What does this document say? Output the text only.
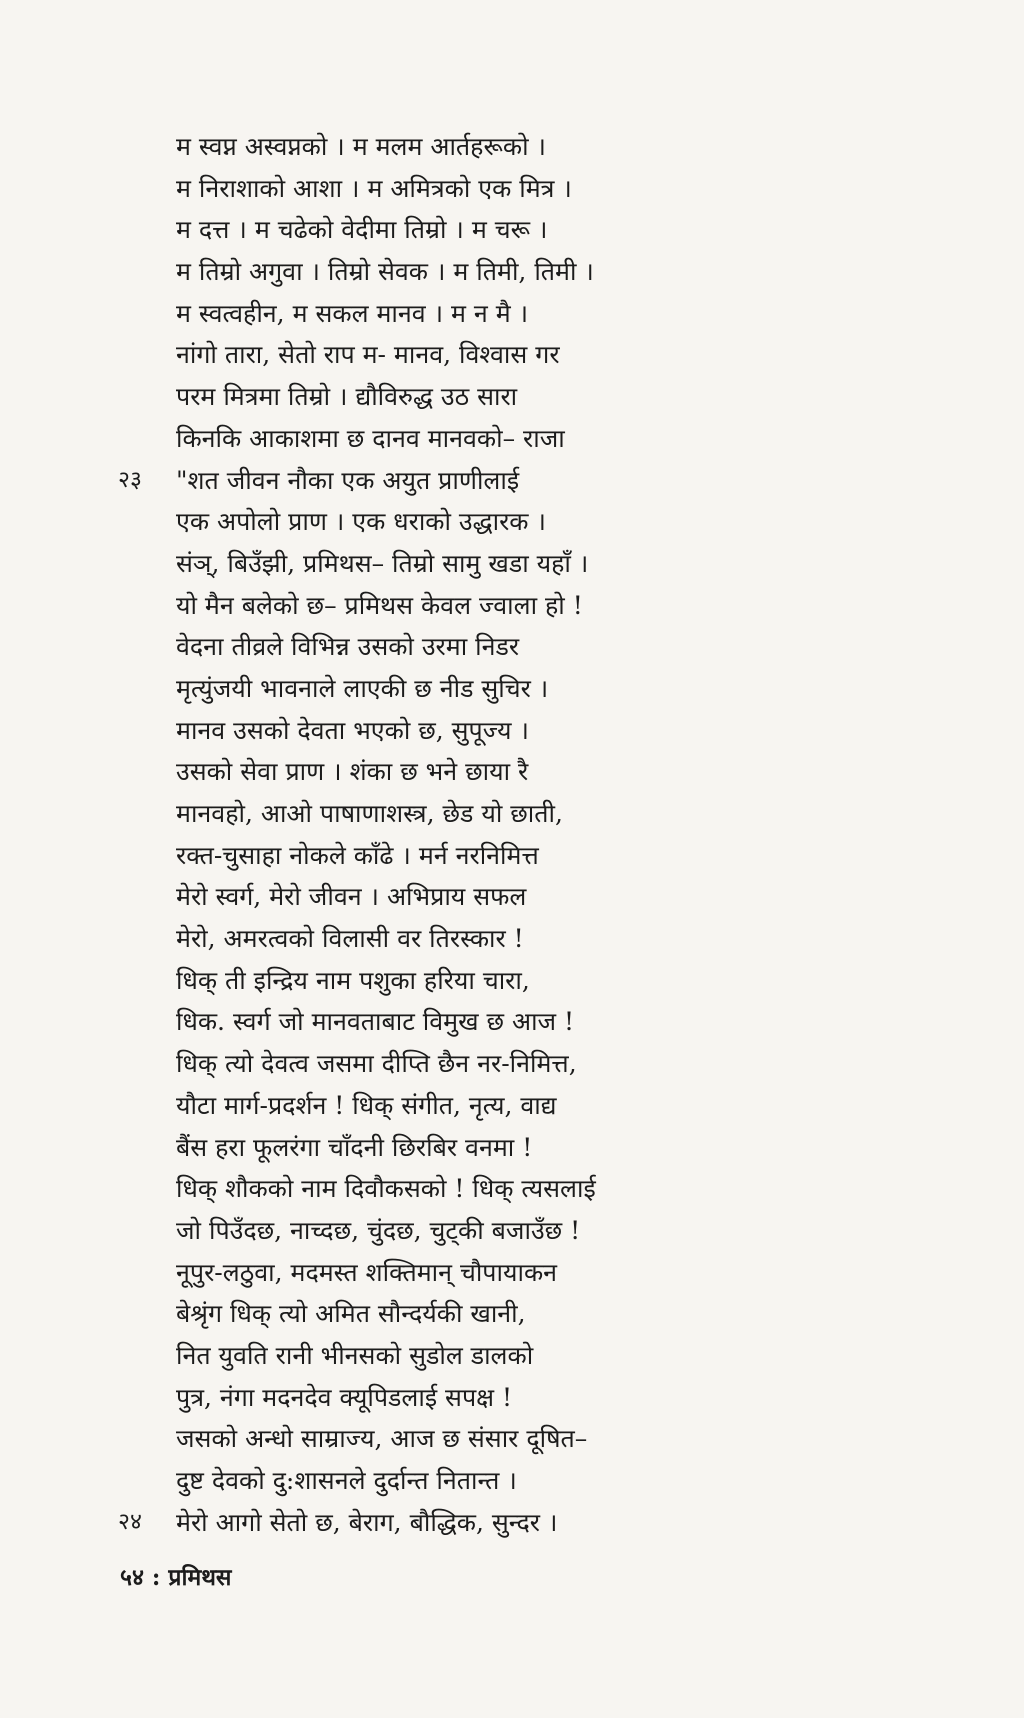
म स्वप्न अस्वप्नको । म मलम आर्तहरूको ।
म निराशाको आशा । म अमित्रको एक मित्र ।
म दत्त । म चढेको वेदीमा तिम्रो । म चरू ।
म तिम्रो अगुवा । तिम्रो सेवक । म तिमी, तिमी ।
म स्वत्वहीन, म सकल मानव । म न मै ।
नांगो तारा, सेतो राप म- मानव, विश्वास गर
परम मित्रमा तिम्रो । द्यौविरुद्ध उठ सारा
किनकि आकाशमा छ दानव मानवको– राजा
२३	"शत जीवन नौका एक अयुत प्राणीलाई
एक अपोलो प्राण । एक धराको उद्धारक ।
संञ्, बिउँझी, प्रमिथस– तिम्रो सामु खडा यहाँ ।
यो मैन बलेको छ– प्रमिथस केवल ज्वाला हो !
वेदना तीव्रले विभिन्न उसको उरमा निडर
मृत्युंजयी भावनाले लाएकी छ नीड सुचिर ।
मानव उसको देवता भएको छ, सुपूज्य ।
उसको सेवा प्राण । शंका छ भने छाया रै
मानवहो, आओ पाषाणाशस्त्र, छेड यो छाती,
रक्त-चुसाहा नोकले काँढे । मर्न नरनिमित्त
मेरो स्वर्ग, मेरो जीवन । अभिप्राय सफल
मेरो, अमरत्वको विलासी वर तिरस्कार !
धिक् ती इन्द्रिय नाम पशुका हरिया चारा,
धिक. स्वर्ग जो मानवताबाट विमुख छ आज !
धिक् त्यो देवत्व जसमा दीप्ति छैन नर-निमित्त,
यौटा मार्ग-प्रदर्शन ! धिक् संगीत, नृत्य, वाद्य
बैंस हरा फूलरंगा चाँदनी छिरबिर वनमा !
धिक् शौकको नाम दिवौकसको ! धिक् त्यसलाई
जो पिउँदछ, नाच्दछ, चुंदछ, चुट्की बजाउँछ !
नूपुर-लठुवा, मदमस्त शक्तिमान् चौपायाकन
बेश्रृंग धिक् त्यो अमित सौन्दर्यकी खानी,
नित युवति रानी भीनसको सुडोल डालको
पुत्र, नंगा मदनदेव क्यूपिडलाई सपक्ष !
जसको अन्धो साम्राज्य, आज छ संसार दूषित–
दुष्ट देवको दु:शासनले दुर्दान्त नितान्त ।
२४	मेरो आगो सेतो छ, बेराग, बौद्धिक, सुन्दर ।
५४ : प्रमिथस
